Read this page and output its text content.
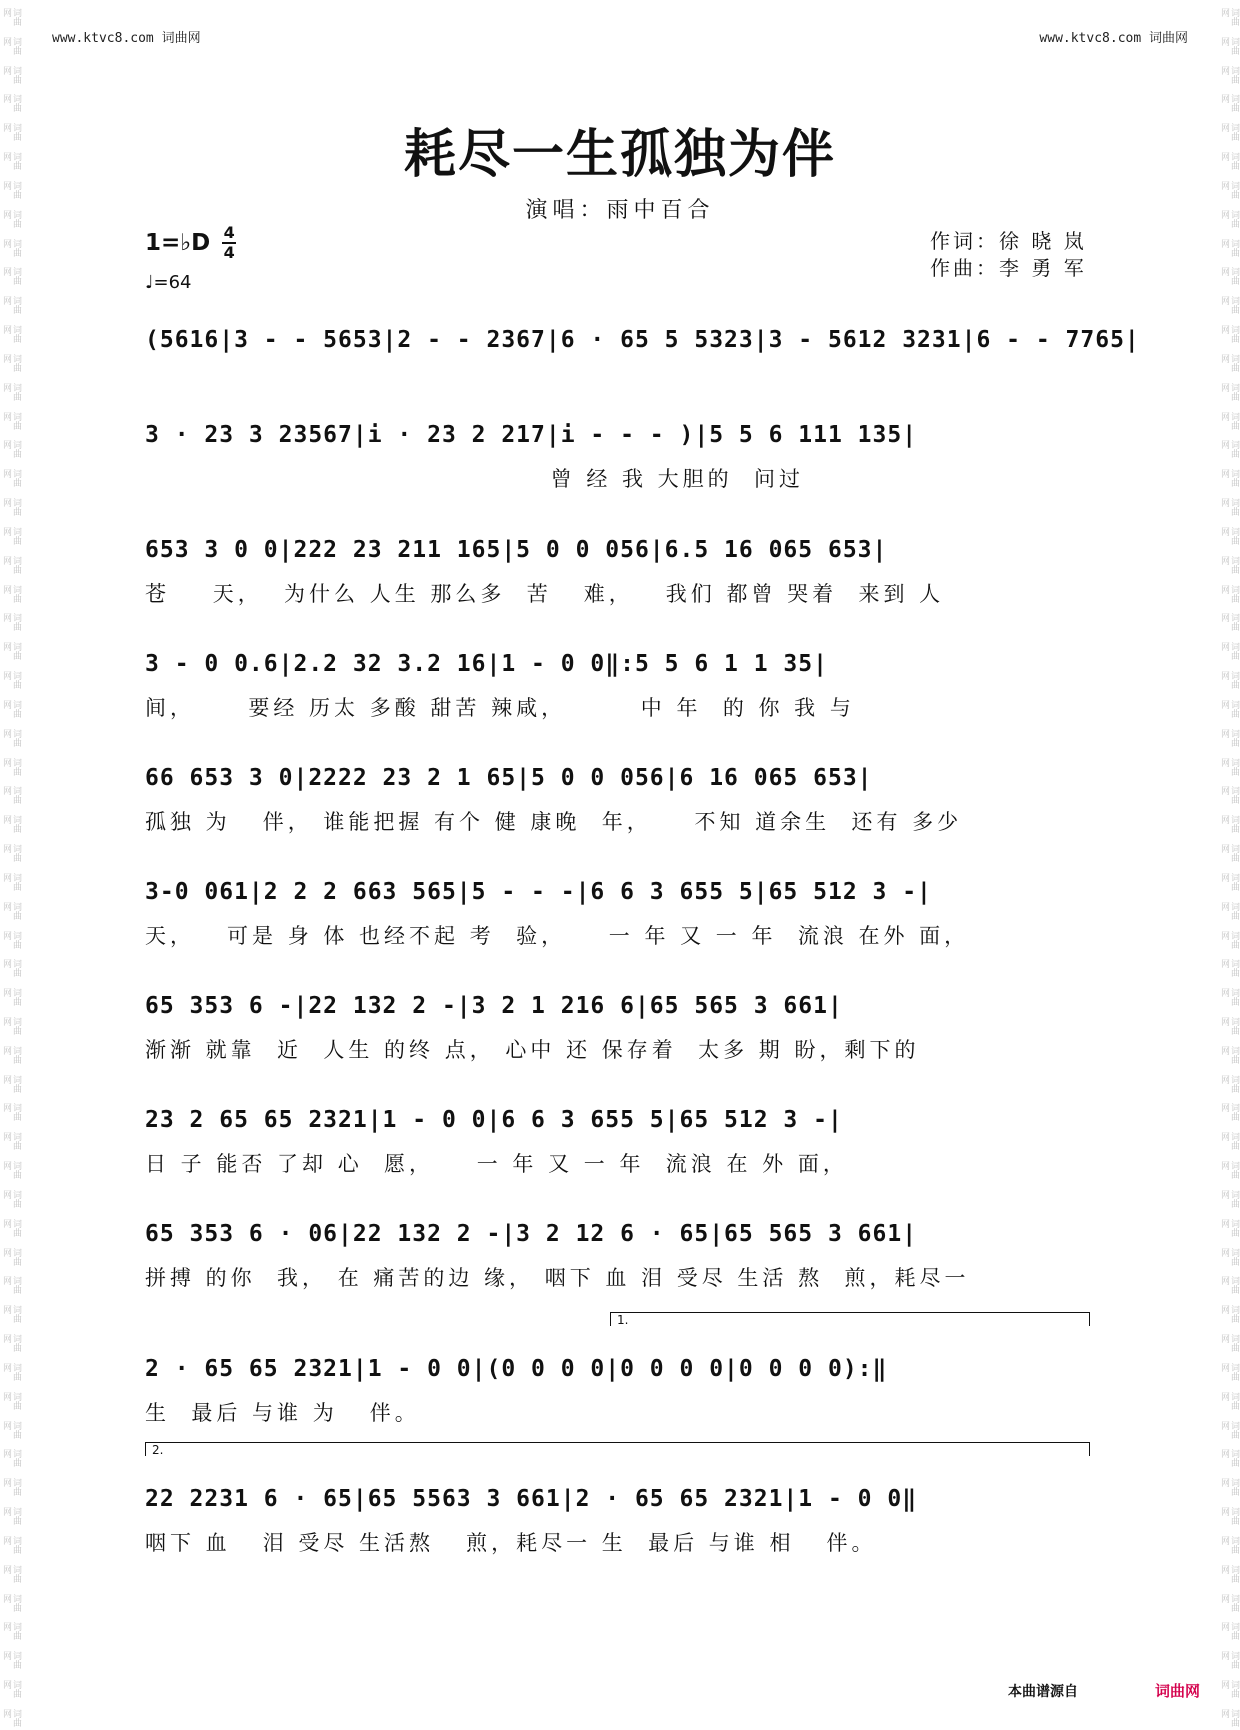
词曲网
词曲网
词曲网
词曲网
词曲网
词曲网
词曲网
词曲网
词曲网
词曲网
词曲网
词曲网
词曲网
词曲网
词曲网
词曲网
词曲网
词曲网
词曲网
词曲网
词曲网
词曲网
词曲网
词曲网
词曲网
词曲网
词曲网
词曲网
词曲网
词曲网
词曲网
词曲网
词曲网
词曲网
词曲网
词曲网
词曲网
词曲网
词曲网
词曲网
词曲网
词曲网
词曲网
词曲网
词曲网
词曲网
词曲网
词曲网
词曲网
词曲网
词曲网
词曲网
词曲网
词曲网
词曲网
词曲网
词曲网
词曲网
词曲网
词曲网
词曲网
词曲网
词曲网
词曲网
词曲网
词曲网
词曲网
词曲网
词曲网
词曲网
词曲网
词曲网
词曲网
词曲网
词曲网
词曲网
词曲网
词曲网
词曲网
词曲网
词曲网
词曲网
词曲网
词曲网
词曲网
词曲网
词曲网
词曲网
词曲网
词曲网
词曲网
词曲网
词曲网
词曲网
词曲网
词曲网
词曲网
词曲网
词曲网
词曲网
词曲网
词曲网
词曲网
词曲网
词曲网
词曲网
词曲网
词曲网
词曲网
词曲网
词曲网
词曲网
词曲网
词曲网
词曲网
词曲网
词曲网
词曲网
词曲网
词曲网
www.ktvc8.com 词曲网	www.ktvc8.com 词曲网
耗尽一生孤独为伴
演唱：雨中百合
1=♭D 4
4
♩=64
作词：徐 晓 岚
作曲：李 勇 军
(5616|3 - - 5653|2 - - 2367|6 · 65 5 5323|3 - 5612 3231|6 - - 7765|
3 · 23 3 23567|i · 23 2 217|i - - - )|5 5 6 111 135|
曾 经 我 大胆的  问过
653 3 0 0|222 23 211 165|5 0 0 056|6.5 16 065 653|
苍    天，  为什么 人生 那么多  苦   难，   我们 都曾 哭着  来到 人
3 - 0 0.6|2.2 32 3.2 16|1 - 0 0‖:5 5 6 1 1 35|
间，     要经 历太 多酸 甜苦 辣咸，       中 年  的 你 我 与
66 653 3 0|2222 23 2 1 65|5 0 0 056|6 16 065 653|
孤独 为   伴， 谁能把握 有个 健 康晚  年，    不知 道余生  还有 多少
3-0 061|2 2 2 663 565|5 - - -|6 6 3 655 5|65 512 3 -|
天，   可是 身 体 也经不起 考  验，    一 年 又 一 年  流浪 在外 面，
65 353 6 -|22 132 2 -|3 2 1 216 6|65 565 3 661|
渐渐 就靠  近  人生 的终 点， 心中 还 保存着  太多 期 盼，剩下的
23 2 65 65 2321|1 - 0 0|6 6 3 655 5|65 512 3 -|
日 子 能否 了却 心  愿，    一 年 又 一 年  流浪 在 外 面，
65 353 6 · 06|22 132 2 -|3 2 12 6 · 65|65 565 3 661|
拼搏 的你  我， 在 痛苦的边 缘， 咽下 血 泪 受尽 生活 熬  煎，耗尽一
1.
2 · 65 65 2321|1 - 0 0|(0 0 0 0|0 0 0 0|0 0 0 0):‖
生  最后 与谁 为   伴。
2.
22 2231 6 · 65|65 5563 3 661|2 · 65 65 2321|1 - 0 0‖
咽下 血   泪 受尽 生活熬   煎，耗尽一 生  最后 与谁 相   伴。
本曲谱源自	词曲网
